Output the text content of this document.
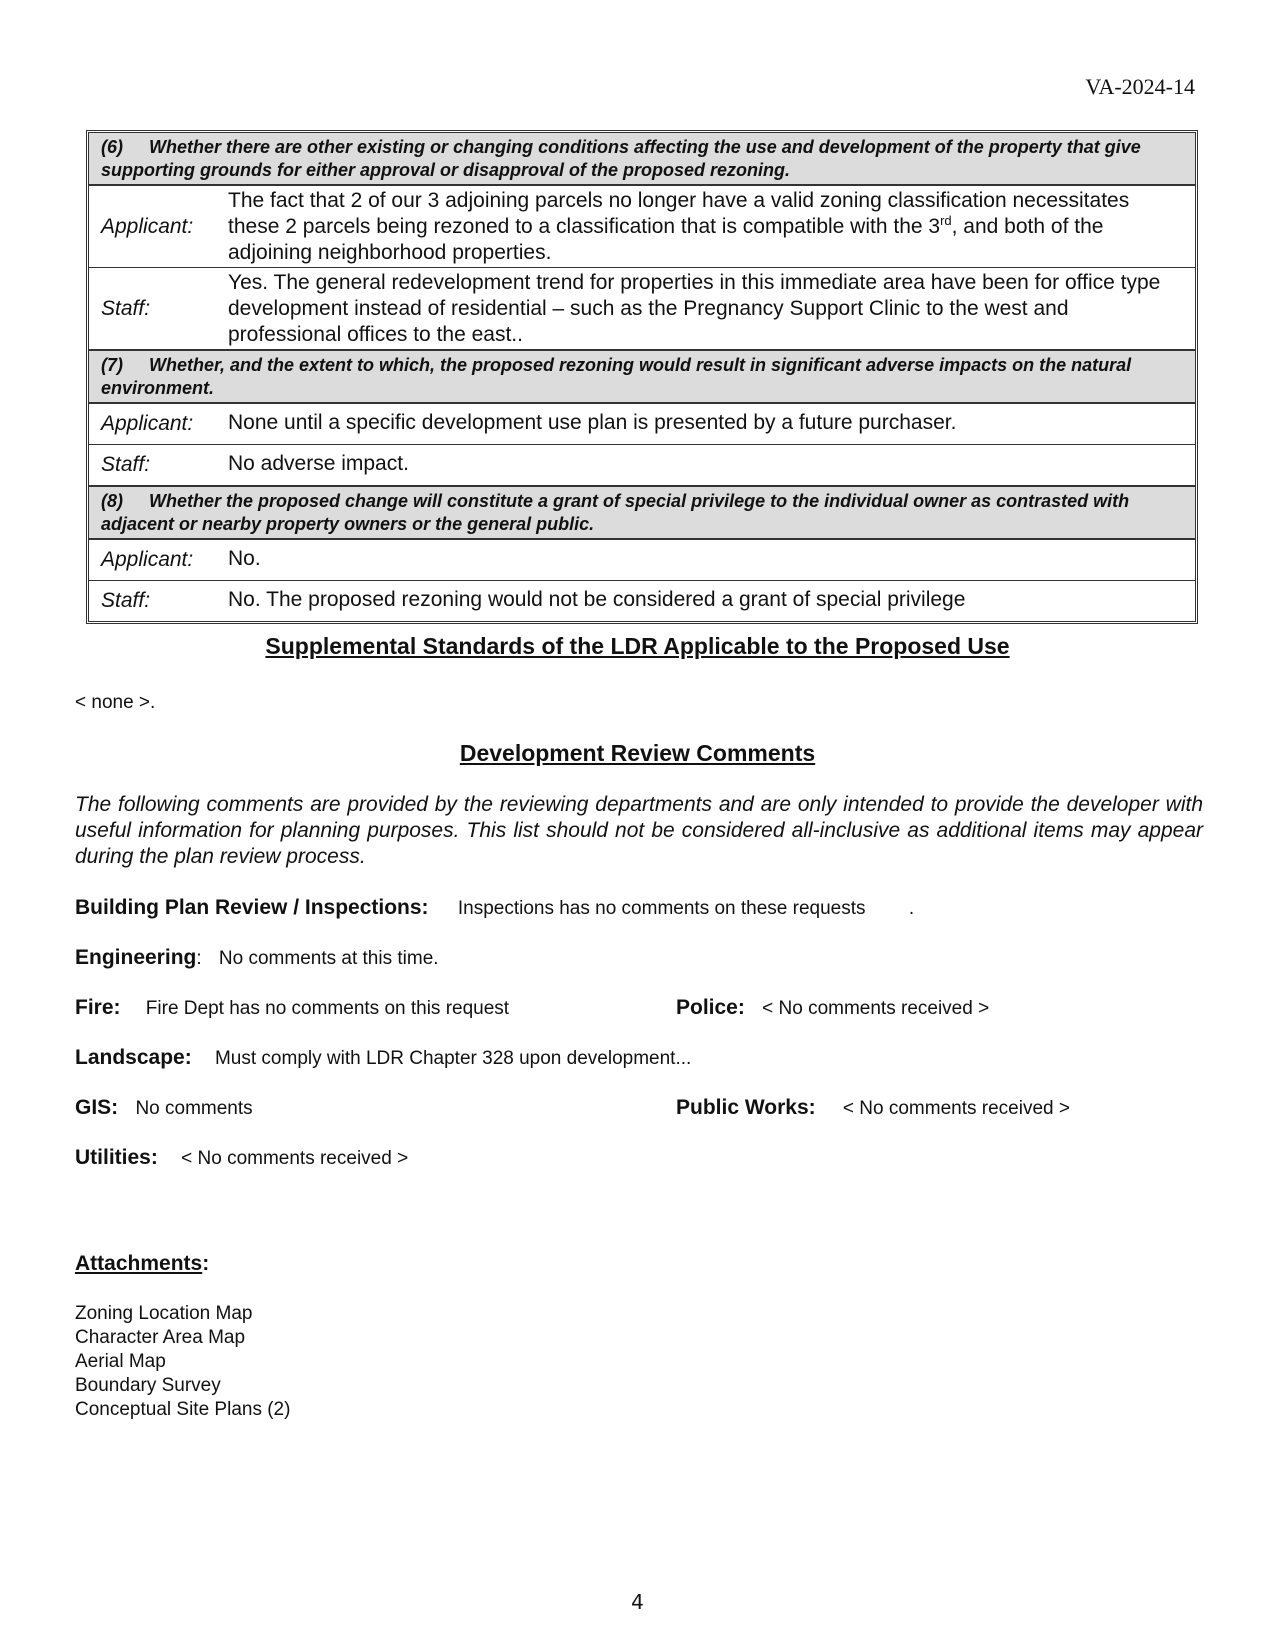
VA-2024-14
(6) Whether there are other existing or changing conditions affecting the use and development of the property that give supporting grounds for either approval or disapproval of the proposed rezoning.	
Applicant:	The fact that 2 of our 3 adjoining parcels no longer have a valid zoning classification necessitates these 2 parcels being rezoned to a classification that is compatible with the 3rd, and both of the adjoining neighborhood properties.
Staff:	Yes. The general redevelopment trend for properties in this immediate area have been for office type development instead of residential – such as the Pregnancy Support Clinic to the west and professional offices to the east..
(7) Whether, and the extent to which, the proposed rezoning would result in significant adverse impacts on the natural environment.	
Applicant:	None until a specific development use plan is presented by a future purchaser.
Staff:	No adverse impact.
(8) Whether the proposed change will constitute a grant of special privilege to the individual owner as contrasted with adjacent or nearby property owners or the general public.	
Applicant:	No.
Staff:	No. The proposed rezoning would not be considered a grant of special privilege
Supplemental Standards of the LDR Applicable to the Proposed Use
< none >.
Development Review Comments
The following comments are provided by the reviewing departments and are only intended to provide the developer with useful information for planning purposes. This list should not be considered all-inclusive as additional items may appear during the plan review process.
Building Plan Review / Inspections: Inspections has no comments on these requests .
Engineering: No comments at this time.
Fire: Fire Dept has no comments on this request	Police: < No comments received >
Landscape: Must comply with LDR Chapter 328 upon development...
GIS: No comments	Public Works: < No comments received >
Utilities: < No comments received >
Attachments:
Zoning Location Map
Character Area Map
Aerial Map
Boundary Survey
Conceptual Site Plans (2)
4
